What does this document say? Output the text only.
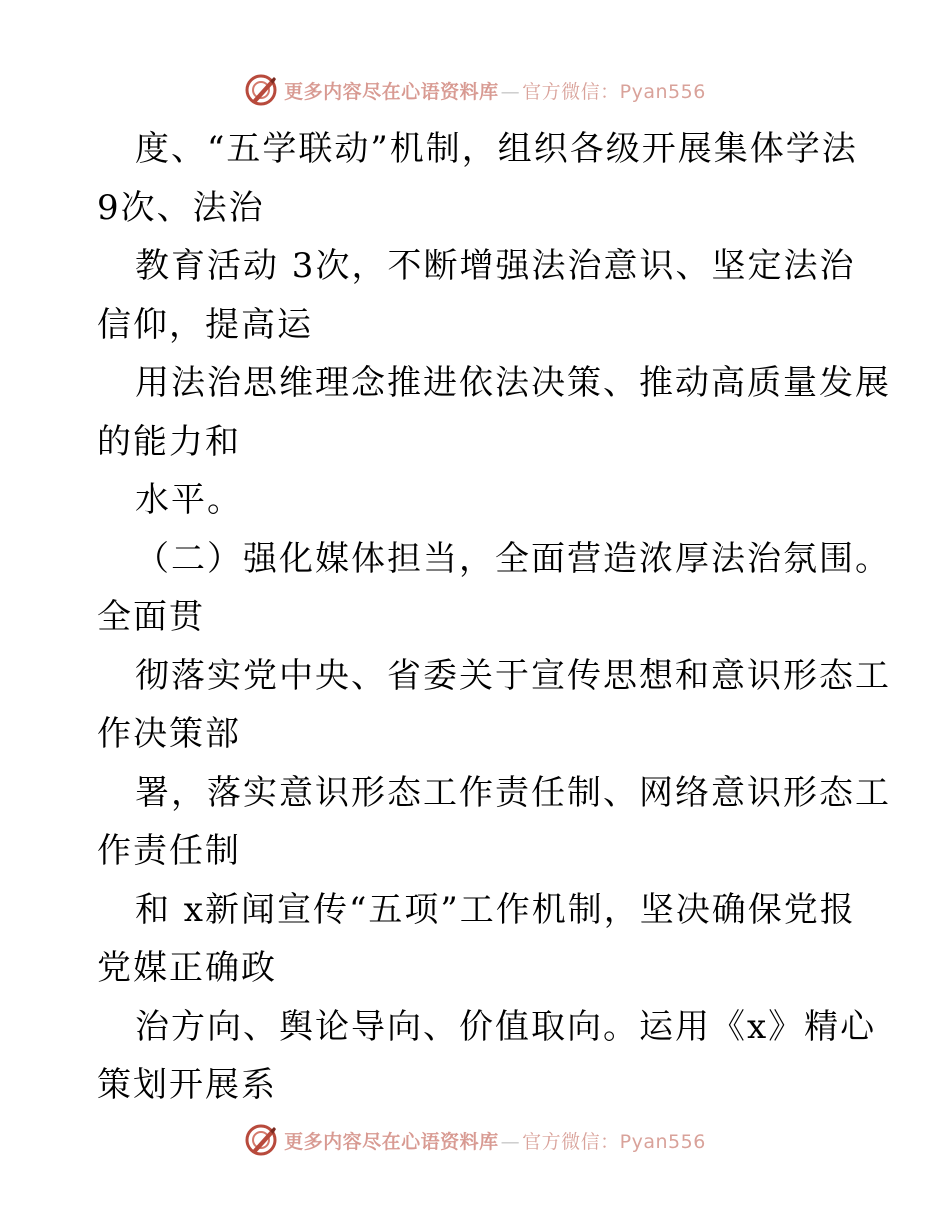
更多内容尽在心语资料库 — 官方微信：Pyan556
度、“五学联动”机制，组织各级开展集体学法
9次、法治
教育活动 3次，不断增强法治意识、坚定法治
信仰，提高运
用法治思维理念推进依法决策、推动高质量发展
的能力和
水平。
（二）强化媒体担当，全面营造浓厚法治氛围。
全面贯
彻落实党中央、省委关于宣传思想和意识形态工
作决策部
署，落实意识形态工作责任制、网络意识形态工
作责任制
和 x新闻宣传“五项”工作机制，坚决确保党报
党媒正确政
治方向、舆论导向、价值取向。运用《x》精心
策划开展系
更多内容尽在心语资料库 — 官方微信：Pyan556
